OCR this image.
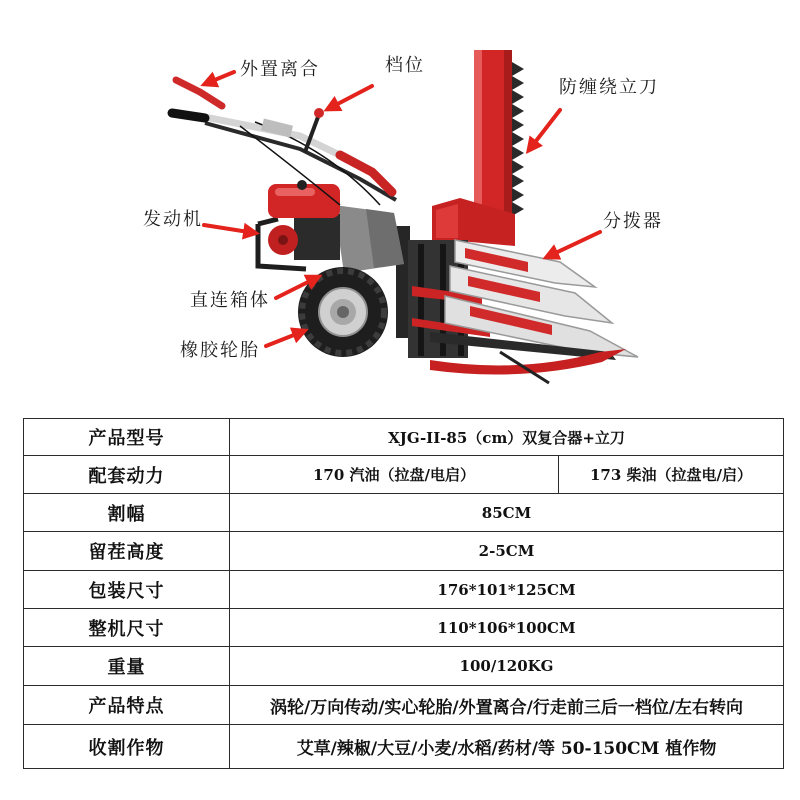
外置离合	档位
防缠绕立刀
发动机	分拨器
直连箱体
橡胶轮胎
产品型号	XJG-II-85（cm）双复合器+立刀	
配套动力	170 汽油（拉盘/电启）	173 柴油（拉盘电/启）
割幅	85CM	
留茬高度	2-5CM	
包装尺寸	176*101*125CM	
整机尺寸	110*106*100CM	
重量	100/120KG	
产品特点	涡轮/万向传动/实心轮胎/外置离合/行走前三后一档位/左右转向	
收割作物	艾草/辣椒/大豆/小麦/水稻/药材/等 50-150CM 植作物	
